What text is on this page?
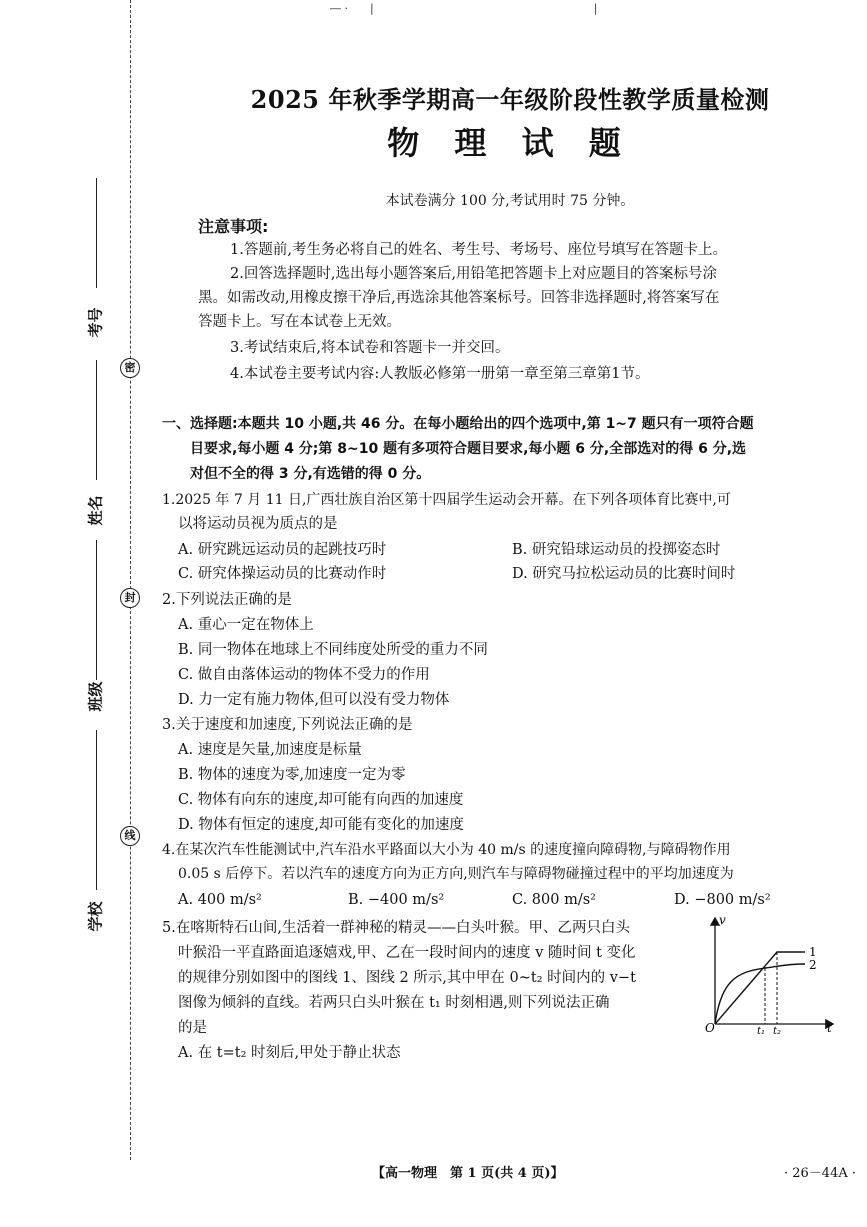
― ·　　|　　　　　　　　　　　　　　　　　　　　|
密
封
线
考号
姓名
班级
学校
2025 年秋季学期高一年级阶段性教学质量检测
物 理 试 题
本试卷满分 100 分,考试用时 75 分钟。
注意事项:
1.答题前,考生务必将自己的姓名、考生号、考场号、座位号填写在答题卡上。
2.回答选择题时,选出每小题答案后,用铅笔把答题卡上对应题目的答案标号涂
黑。如需改动,用橡皮擦干净后,再选涂其他答案标号。回答非选择题时,将答案写在
答题卡上。写在本试卷上无效。
3.考试结束后,将本试卷和答题卡一并交回。
4.本试卷主要考试内容:人教版必修第一册第一章至第三章第1节。
一、选择题:本题共 10 小题,共 46 分。在每小题给出的四个选项中,第 1~7 题只有一项符合题
目要求,每小题 4 分;第 8~10 题有多项符合题目要求,每小题 6 分,全部选对的得 6 分,选
对但不全的得 3 分,有选错的得 0 分。
1.2025 年 7 月 11 日,广西壮族自治区第十四届学生运动会开幕。在下列各项体育比赛中,可
以将运动员视为质点的是
A. 研究跳远运动员的起跳技巧时	B. 研究铅球运动员的投掷姿态时
C. 研究体操运动员的比赛动作时	D. 研究马拉松运动员的比赛时间时
2.下列说法正确的是
A. 重心一定在物体上
B. 同一物体在地球上不同纬度处所受的重力不同
C. 做自由落体运动的物体不受力的作用
D. 力一定有施力物体,但可以没有受力物体
3.关于速度和加速度,下列说法正确的是
A. 速度是矢量,加速度是标量
B. 物体的速度为零,加速度一定为零
C. 物体有向东的速度,却可能有向西的加速度
D. 物体有恒定的速度,却可能有变化的加速度
4.在某次汽车性能测试中,汽车沿水平路面以大小为 40 m/s 的速度撞向障碍物,与障碍物作用
0.05 s 后停下。若以汽车的速度方向为正方向,则汽车与障碍物碰撞过程中的平均加速度为
A. 400 m/s²	B. −400 m/s²	C. 800 m/s²	D. −800 m/s²
5.在喀斯特石山间,生活着一群神秘的精灵——白头叶猴。甲、乙两只白头
叶猴沿一平直路面追逐嬉戏,甲、乙在一段时间内的速度 v 随时间 t 变化
的规律分别如图中的图线 1、图线 2 所示,其中甲在 0~t₂ 时间内的 v−t
图像为倾斜的直线。若两只白头叶猴在 t₁ 时刻相遇,则下列说法正确
的是
A. 在 t=t₂ 时刻后,甲处于静止状态
v
t
O
1
2
t₁ t₂
【高一物理　第 1 页(共 4 页)】	· 26－44A ·
